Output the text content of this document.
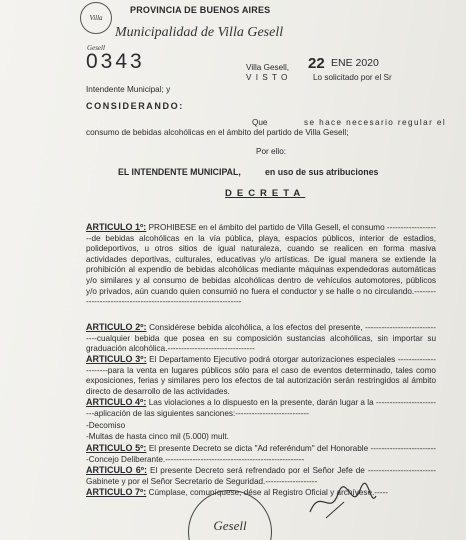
Villa Gesell
PROVINCIA DE BUENOS AIRES
Municipalidad de Villa Gesell
0343	Villa Gesell, 22 ENE 2020
V I S T O	Lo solicitado por el Sr
Intendente Municipal; y
CONSIDERANDO:
Que	se hace necesario regular el
consumo de bebidas alcohólicas en el ámbito del partido de Villa Gesell;
Por ello:
EL INTENDENTE MUNICIPAL,	en uso de sus atribuciones
DECRETA
ARTICULO 1º: PROHIBESE en el ámbito del partido de Villa Gesell, el consumo --------------------de bebidas alcohólicas en la vía pública, playa, espacios públicos, interior de estadios, polideportivos, u otros sitios de igual naturaleza, cuando se realicen en forma masiva actividades deportivas, culturales, educativas y/o artísticas. De igual manera se extiende la prohibición al expendio de bebidas alcohólicas mediante máquinas expendedoras automáticas y/o similares y al consumo de bebidas alcohólicas dentro de vehículos automotores, públicos y/o privados, aún cuando quien consumió no fuera el conductor y se halle o no circulando.-----------------------------------------------------------------
ARTICULO 2º: Considérese bebida alcohólica, a los efectos del presente, ------------------------------cualquier bebida que posea en su composición sustancias alcohólicas, sin importar su graduación alcohólica.--------------------------------
ARTICULO 3º: El Departamento Ejecutivo podrá otorgar autorizaciones especiales ----------------------para la venta en lugares públicos sólo para el caso de eventos determinado, tales como exposiciones, ferias y similares pero los efectos de tal autorización serán restringidos al ámbito directo de desarrollo de las actividades.
ARTICULO 4º: Las violaciones a lo dispuesto en la presente, darán lugar a la -------------------------aplicación de las siguientes sanciones:---------------------------
-Decomiso
-Multas de hasta cinco mil (5.000) mult.
ARTICULO 5º: El presente Decreto se dicta "Ad referéndum" del Honorable -------------------------Concejo Deliberante.---------------------------------------------------
ARTICULO 6º: El presente Decreto será refrendado por el Señor Jefe de -------------------------Gabinete y por el Señor Secretario de Seguridad.-------------------
ARTICULO 7º: Cúmplase, comuníquese, dése al Registro Oficial y archívese.-----
Gesell
